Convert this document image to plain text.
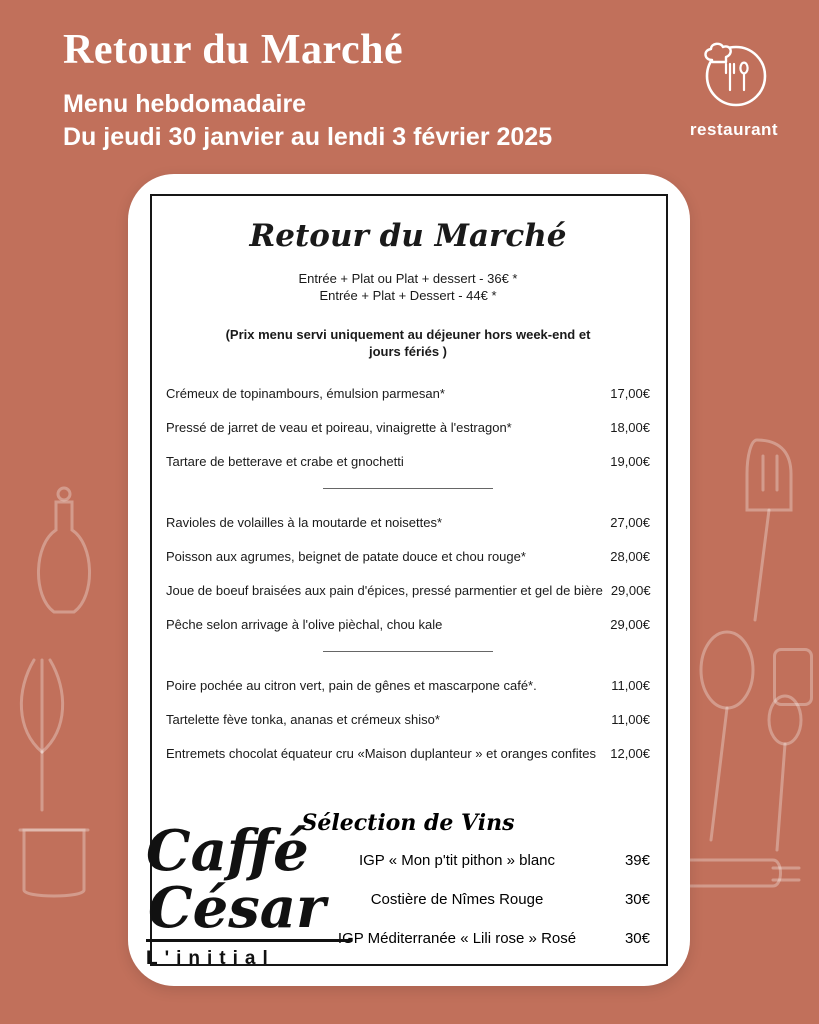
Retour du Marché
Menu hebdomadaire
Du jeudi 30 janvier au lendi 3 février 2025	restaurant
Retour du Marché
Entrée + Plat ou Plat + dessert - 36€ *
Entrée + Plat + Dessert - 44€ *
(Prix menu servi uniquement au déjeuner hors week-end et jours fériés )
Crémeux de topinambours, émulsion parmesan*	17,00€
Pressé de jarret de veau et poireau, vinaigrette à l'estragon*	18,00€
Tartare de betterave et crabe et gnochetti	19,00€
Ravioles de volailles à la moutarde et noisettes*	27,00€
Poisson aux agrumes, beignet de patate douce et chou rouge*	28,00€
Joue de boeuf braisées aux pain d'épices, pressé parmentier et gel de bière 29,00€
Pêche selon arrivage à l'olive pièchal, chou kale	29,00€
Poire pochée au citron vert, pain de gênes et mascarpone café*.	11,00€
Tartelette fève tonka, ananas et crémeux shiso*	11,00€
Entremets chocolat équateur cru «Maison duplanteur » et oranges confites	12,00€
Sélection de Vins
IGP « Mon p'tit pithon » blanc	39€
Costière de Nîmes Rouge	30€
IGP Méditerranée « Lili rose » Rosé	30€
Caffé
César
L'initial
